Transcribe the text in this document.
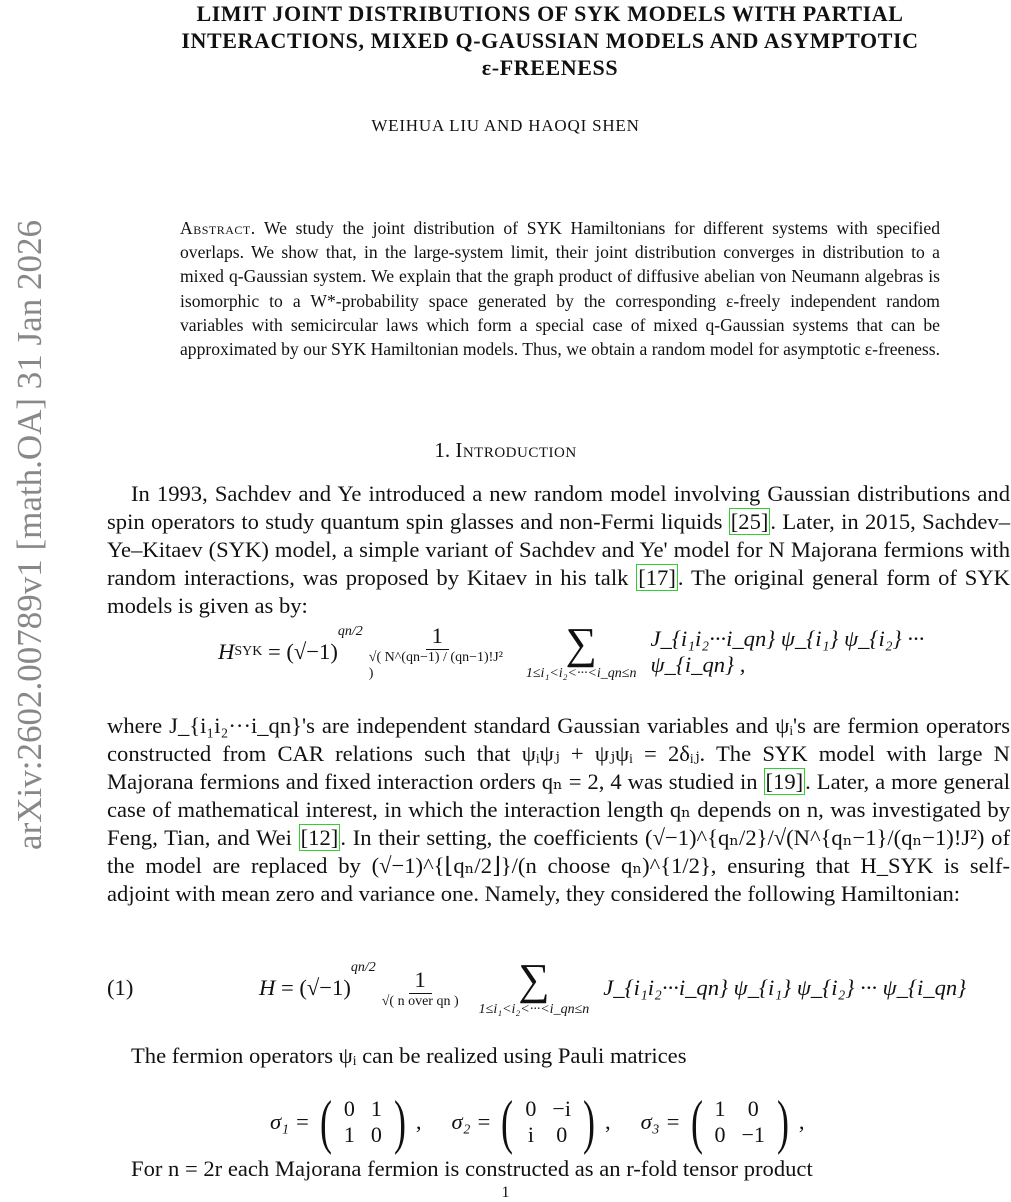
LIMIT JOINT DISTRIBUTIONS OF SYK MODELS WITH PARTIAL
INTERACTIONS, MIXED Q-GAUSSIAN MODELS AND ASYMPTOTIC
ε-FREENESS
WEIHUA LIU AND HAOQI SHEN
arXiv:2602.00789v1 [math.OA] 31 Jan 2026	Abstract. We study the joint distribution of SYK Hamiltonians for different systems with specified overlaps. We show that, in the large-system limit, their joint distribution converges in distribution to a mixed q-Gaussian system. We explain that the graph product of diffusive abelian von Neumann algebras is isomorphic to a W*-probability space generated by the corresponding ε-freely independent random variables with semicircular laws which form a special case of mixed q-Gaussian systems that can be approximated by our SYK Hamiltonian models. Thus, we obtain a random model for asymptotic ε-freeness.
1. Introduction
In 1993, Sachdev and Ye introduced a new random model involving Gaussian distributions and spin operators to study quantum spin glasses and non-Fermi liquids [25]. Later, in 2015, Sachdev–Ye–Kitaev (SYK) model, a simple variant of Sachdev and Ye' model for N Majorana fermions with random interactions, was proposed by Kitaev in his talk [17]. The original general form of SYK models is given as by:
H SYK = (√−1)
$^{qn/2} \frac{1}{\text{√( N\textasciicircum{}(qn−1) / (qn−1)!J² )}}$ ∑
1≤i₁<i₂<···<i_qn≤n
J_{i₁i₂···i_qn} ψ_{i₁} ψ_{i₂} ··· ψ_{i_qn} ,
where J_{i₁i₂···i_qn}'s are independent standard Gaussian variables and ψᵢ's are fermion operators constructed from CAR relations such that ψᵢψⱼ + ψⱼψᵢ = 2δᵢⱼ. The SYK model with large N Majorana fermions and fixed interaction orders qₙ = 2, 4 was studied in [19]. Later, a more general case of mathematical interest, in which the interaction length qₙ depends on n, was investigated by Feng, Tian, and Wei [12]. In their setting, the coefficients (√−1)^{qₙ/2}/√(N^{qₙ−1}/(qₙ−1)!J²) of the model are replaced by (√−1)^{⌊qₙ/2⌋}/(n choose qₙ)^{1/2}, ensuring that H_SYK is self-adjoint with mean zero and variance one. Namely, they considered the following Hamiltonian:
(1)	H = (√−1)
$^{qn/2} \frac{1}{\text{√( n over qn )}}$ ∑
1≤i₁<i₂<···<i_qn≤n
J_{i₁i₂···i_qn} ψ_{i₁} ψ_{i₂} ··· ψ_{i_qn}
The fermion operators ψᵢ can be realized using Pauli matrices
σ₁ = ( 0	1
1	0 ) , σ₂ = ( 0	−i
i	0 ) , σ₃ = ( 1	0
0	−1 ) ,
For n = 2r each Majorana fermion is constructed as an r-fold tensor product
1
